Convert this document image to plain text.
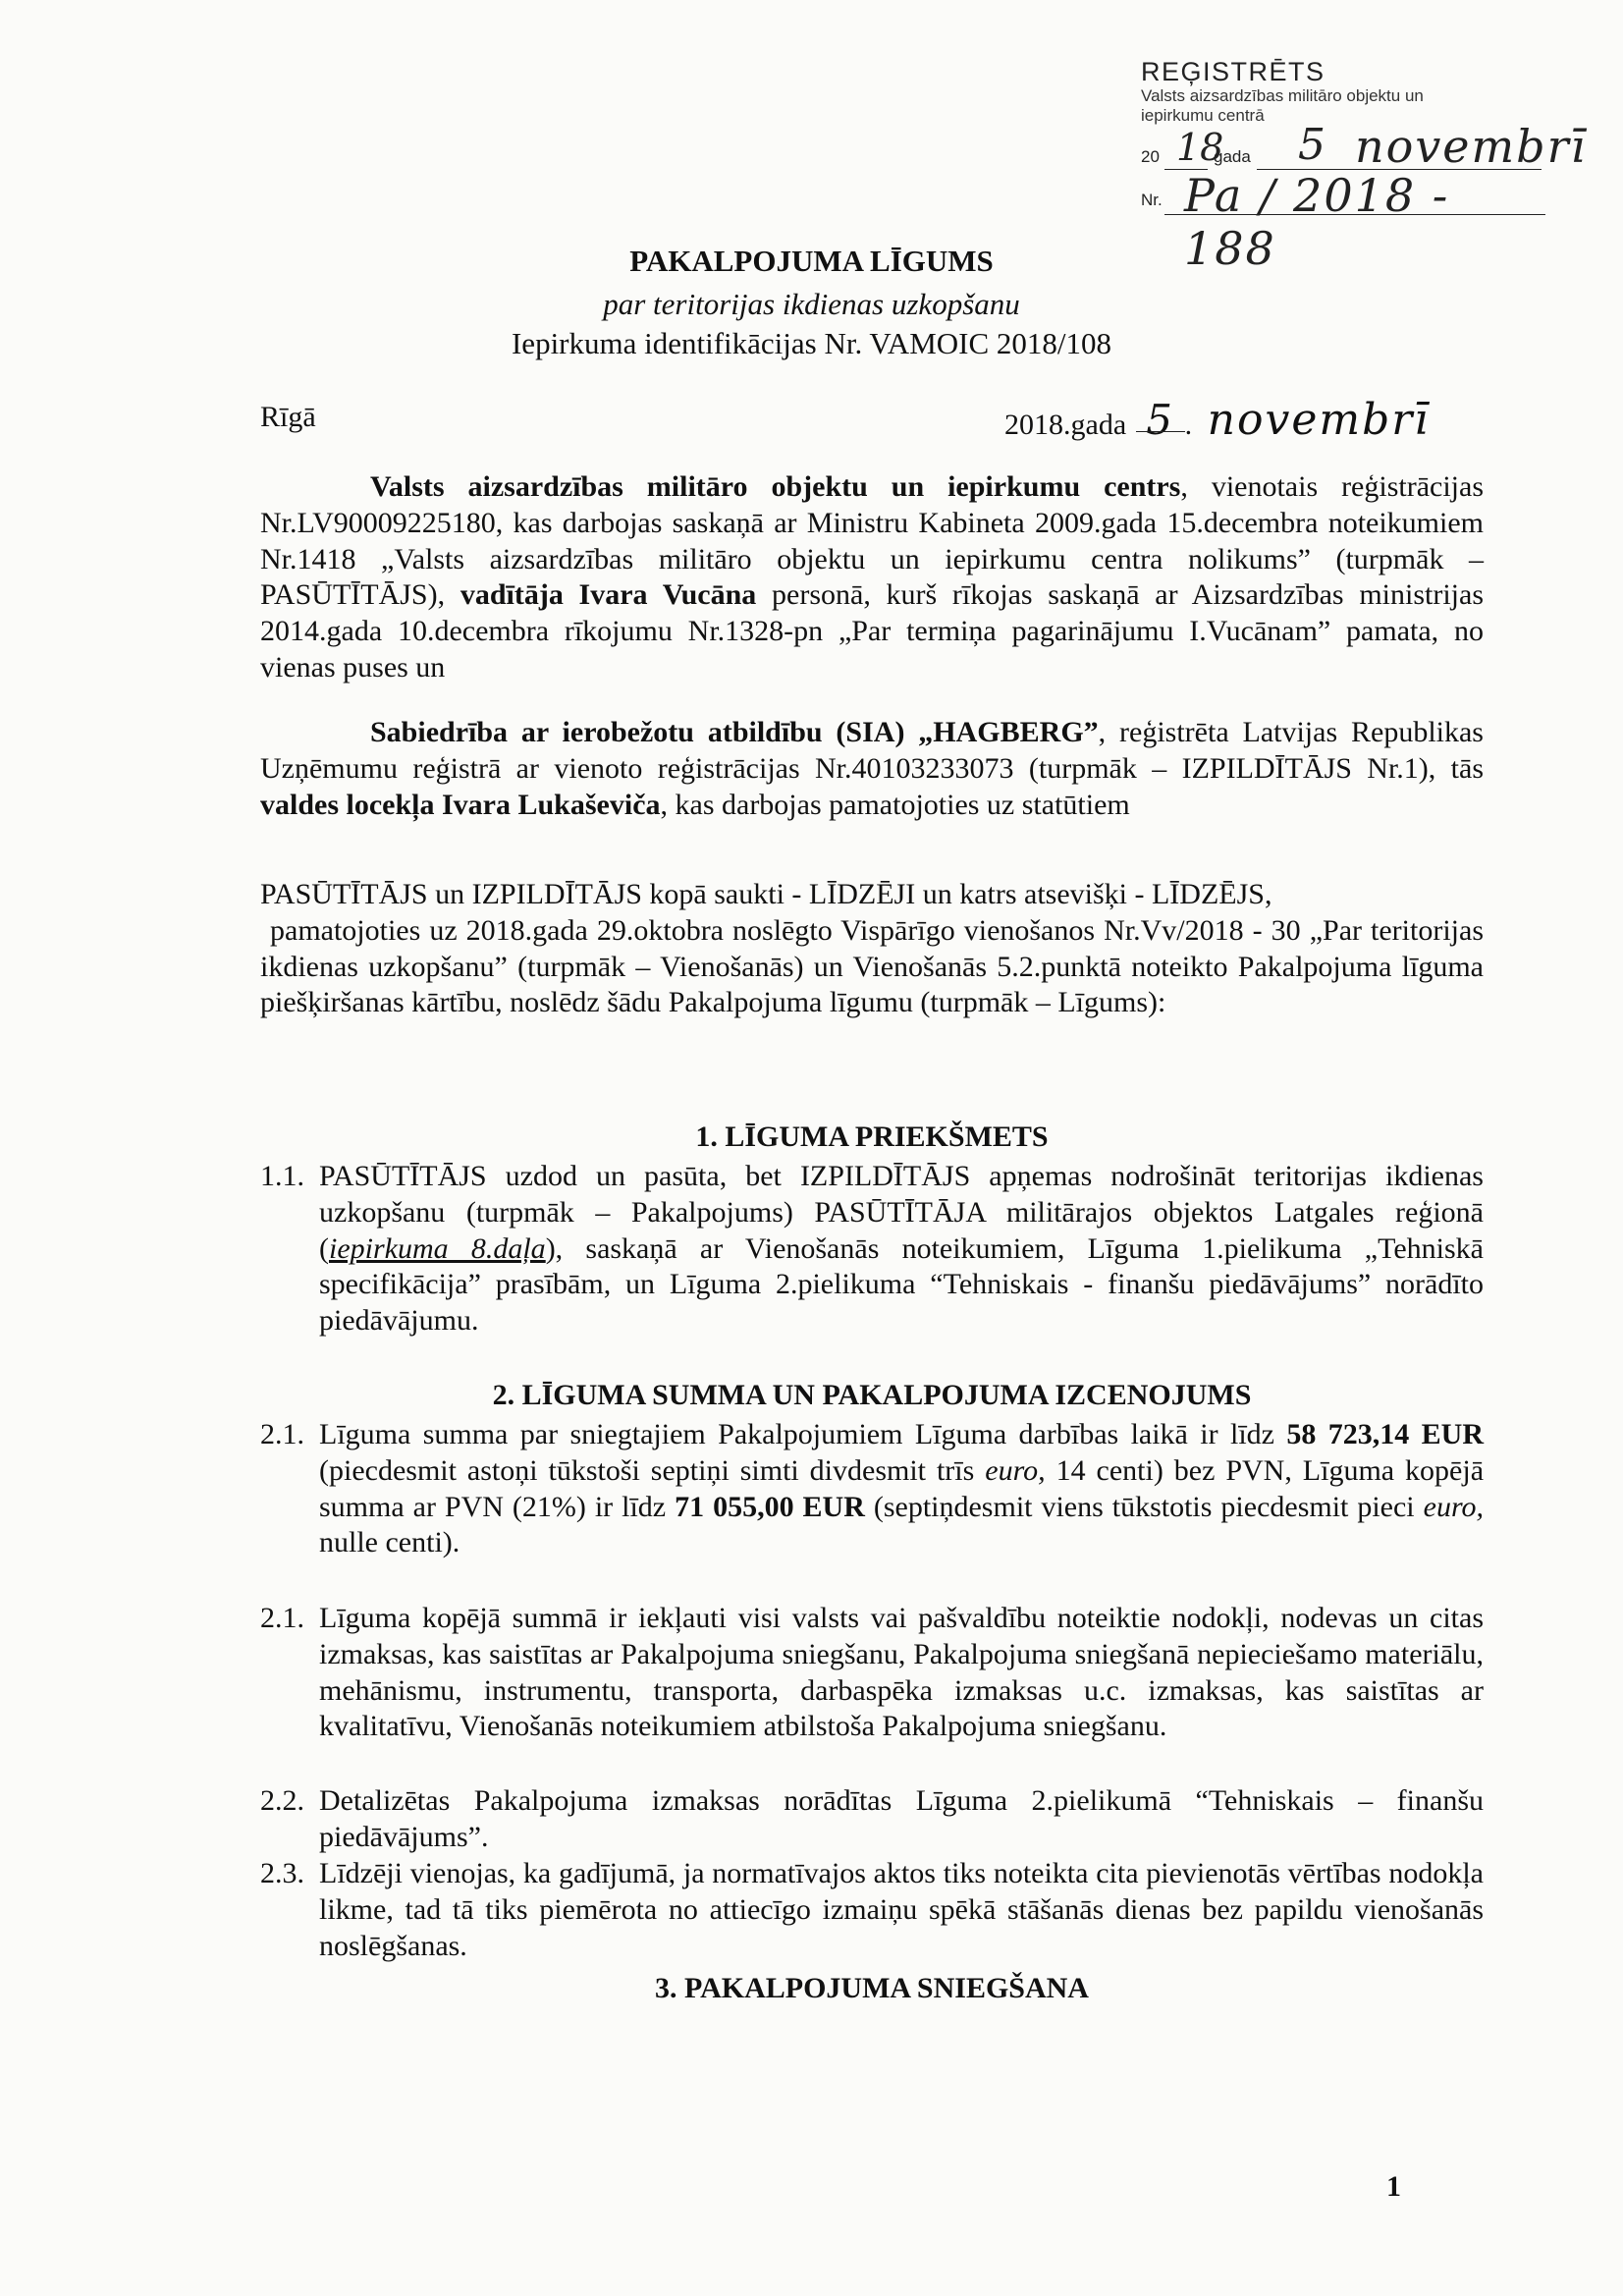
REĢISTRĒTS
Valsts aizsardzības militāro objektu un
iepirkumu centrā
20 18
gada 5 novembrī
Nr. Pa / 2018 - 188
PAKALPOJUMA LĪGUMS
par teritorijas ikdienas uzkopšanu
Iepirkuma identifikācijas Nr. VAMOIC 2018/108
Rīgā	2018.gada 5 . novembrī
Valsts aizsardzības militāro objektu un iepirkumu centrs, vienotais reģistrācijas Nr.LV90009225180, kas darbojas saskaņā ar Ministru Kabineta 2009.gada 15.decembra noteikumiem Nr.1418 „Valsts aizsardzības militāro objektu un iepirkumu centra nolikums” (turpmāk – PASŪTĪTĀJS), vadītāja Ivara Vucāna personā, kurš rīkojas saskaņā ar Aizsardzības ministrijas 2014.gada 10.decembra rīkojumu Nr.1328-pn „Par termiņa pagarinājumu I.Vucānam” pamata, no vienas puses un
Sabiedrība ar ierobežotu atbildību (SIA) „HAGBERG”, reģistrēta Latvijas Republikas Uzņēmumu reģistrā ar vienoto reģistrācijas Nr.40103233073 (turpmāk – IZPILDĪTĀJS Nr.1), tās valdes locekļa Ivara Lukaševiča, kas darbojas pamatojoties uz statūtiem
PASŪTĪTĀJS un IZPILDĪTĀJS kopā saukti - LĪDZĒJI un katrs atsevišķi - LĪDZĒJS,
pamatojoties uz 2018.gada 29.oktobra noslēgto Vispārīgo vienošanos Nr.Vv/2018 - 30 „Par teritorijas ikdienas uzkopšanu” (turpmāk – Vienošanās) un Vienošanās 5.2.punktā noteikto Pakalpojuma līguma piešķiršanas kārtību, noslēdz šādu Pakalpojuma līgumu (turpmāk – Līgums):
1. LĪGUMA PRIEKŠMETS
1.1. PASŪTĪTĀJS uzdod un pasūta, bet IZPILDĪTĀJS apņemas nodrošināt teritorijas ikdienas uzkopšanu (turpmāk – Pakalpojums) PASŪTĪTĀJA militārajos objektos Latgales reģionā (iepirkuma 8.daļa), saskaņā ar Vienošanās noteikumiem, Līguma 1.pielikuma „Tehniskā specifikācija” prasībām, un Līguma 2.pielikuma “Tehniskais - finanšu piedāvājums” norādīto piedāvājumu.
2. LĪGUMA SUMMA UN PAKALPOJUMA IZCENOJUMS
2.1. Līguma summa par sniegtajiem Pakalpojumiem Līguma darbības laikā ir līdz 58 723,14 EUR (piecdesmit astoņi tūkstoši septiņi simti divdesmit trīs euro, 14 centi) bez PVN, Līguma kopējā summa ar PVN (21%) ir līdz 71 055,00 EUR (septiņdesmit viens tūkstotis piecdesmit pieci euro, nulle centi).
2.1. Līguma kopējā summā ir iekļauti visi valsts vai pašvaldību noteiktie nodokļi, nodevas un citas izmaksas, kas saistītas ar Pakalpojuma sniegšanu, Pakalpojuma sniegšanā nepieciešamo materiālu, mehānismu, instrumentu, transporta, darbaspēka izmaksas u.c. izmaksas, kas saistītas ar kvalitatīvu, Vienošanās noteikumiem atbilstoša Pakalpojuma sniegšanu.
2.2. Detalizētas Pakalpojuma izmaksas norādītas Līguma 2.pielikumā “Tehniskais – finanšu piedāvājums”.
2.3. Līdzēji vienojas, ka gadījumā, ja normatīvajos aktos tiks noteikta cita pievienotās vērtības nodokļa likme, tad tā tiks piemērota no attiecīgo izmaiņu spēkā stāšanās dienas bez papildu vienošanās noslēgšanas.
3. PAKALPOJUMA SNIEGŠANA
1
